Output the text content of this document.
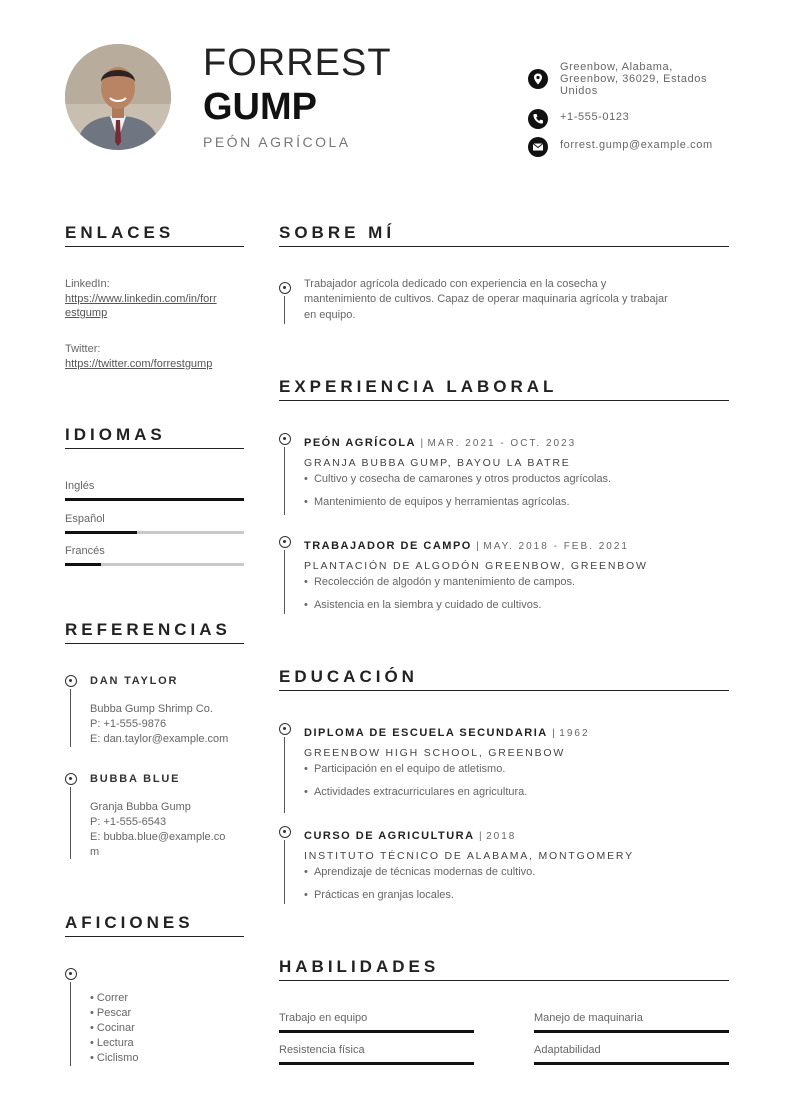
FORREST
GUMP
PEÓN AGRÍCOLA
Greenbow, Alabama,
Greenbow, 36029, Estados
Unidos
+1-555-0123
forrest.gump@example.com
ENLACES
LinkedIn:
https://www.linkedin.com/in/forr
estgump
Twitter:
https://twitter.com/forrestgump
IDIOMAS
Inglés
Español
Francés
REFERENCIAS
DAN TAYLOR
Bubba Gump Shrimp Co.
P: +1-555-9876
E: dan.taylor@example.com
BUBBA BLUE
Granja Bubba Gump
P: +1-555-6543
E: bubba.blue@example.co
m
AFICIONES
• Correr
• Pescar
• Cocinar
• Lectura
• Ciclismo
SOBRE MÍ
Trabajador agrícola dedicado con experiencia en la cosecha y
mantenimiento de cultivos. Capaz de operar maquinaria agrícola y trabajar
en equipo.
EXPERIENCIA LABORAL
PEÓN AGRÍCOLA | MAR. 2021 - OCT. 2023
GRANJA BUBBA GUMP, BAYOU LA BATRE
•  Cultivo y cosecha de camarones y otros productos agrícolas.
•  Mantenimiento de equipos y herramientas agrícolas.
TRABAJADOR DE CAMPO | MAY. 2018 - FEB. 2021
PLANTACIÓN DE ALGODÓN GREENBOW, GREENBOW
•  Recolección de algodón y mantenimiento de campos.
•  Asistencia en la siembra y cuidado de cultivos.
EDUCACIÓN
DIPLOMA DE ESCUELA SECUNDARIA | 1962
GREENBOW HIGH SCHOOL, GREENBOW
•  Participación en el equipo de atletismo.
•  Actividades extracurriculares en agricultura.
CURSO DE AGRICULTURA | 2018
INSTITUTO TÉCNICO DE ALABAMA, MONTGOMERY
•  Aprendizaje de técnicas modernas de cultivo.
•  Prácticas en granjas locales.
HABILIDADES
Trabajo en equipo	Manejo de maquinaria
Resistencia física	Adaptabilidad
